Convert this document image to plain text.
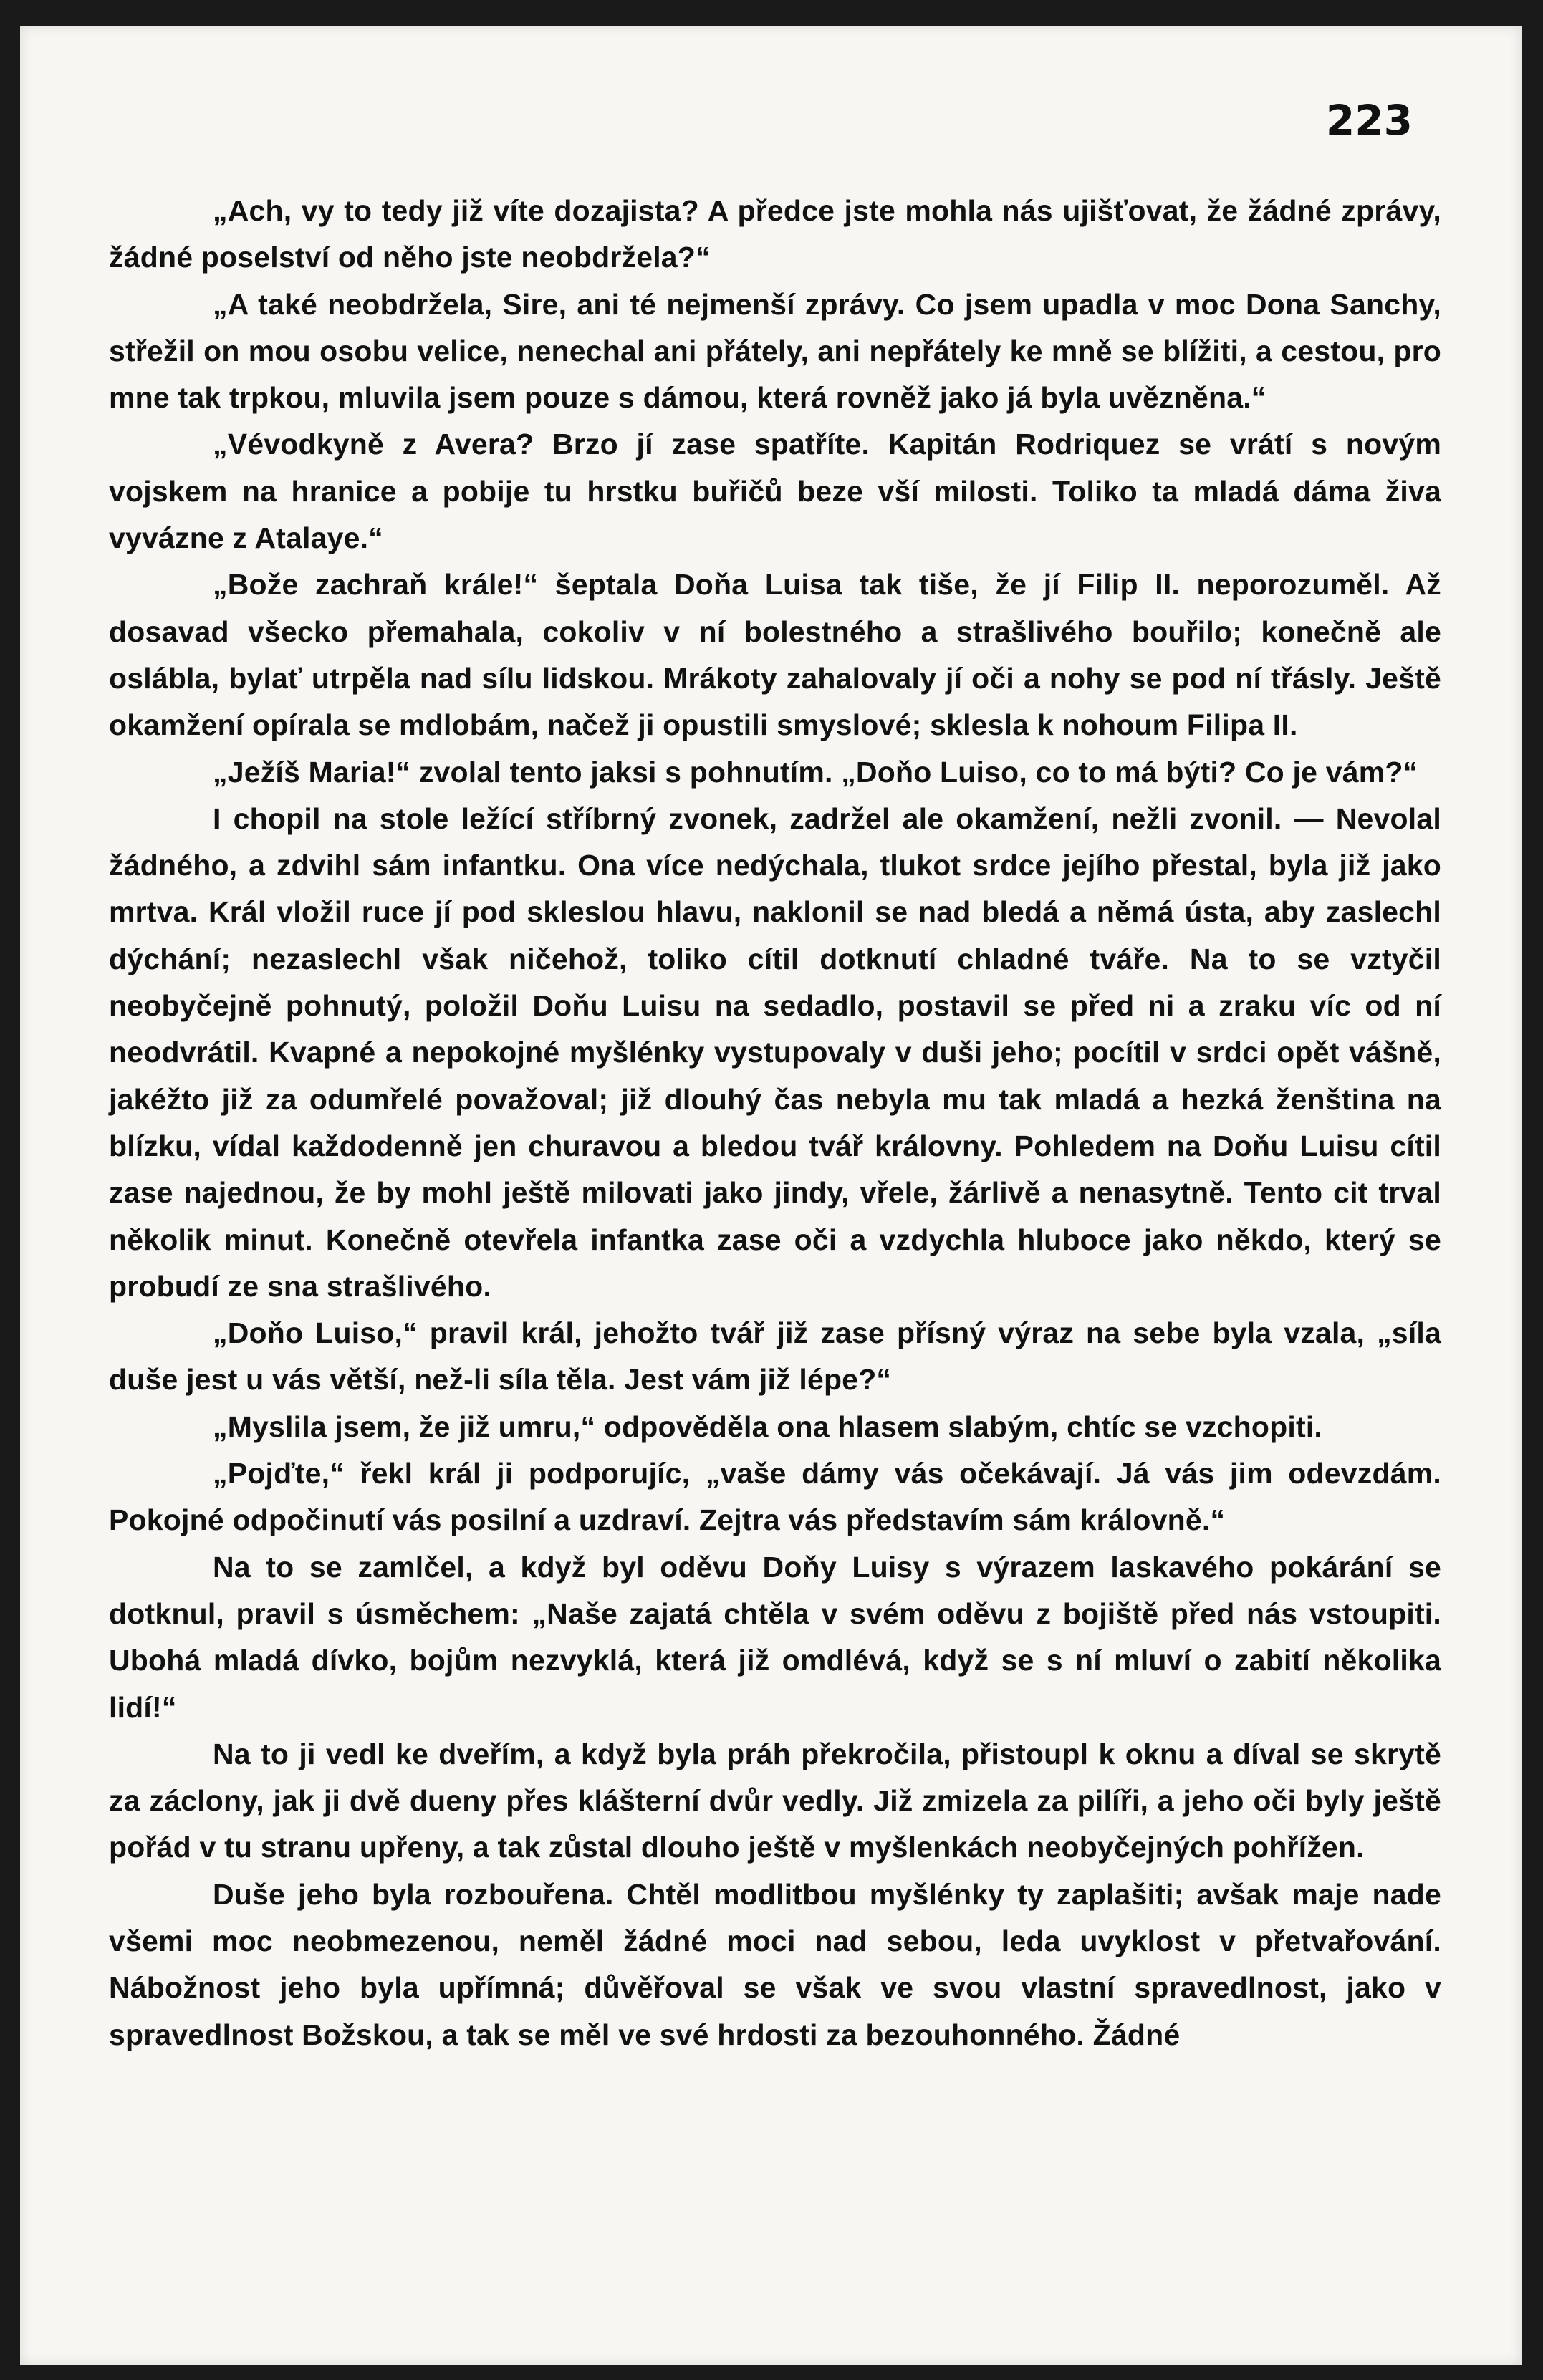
223

„Ach, vy to tedy již víte dozajista? A předce jste mohla nás ujišťovat, že žádné zprávy, žádné poselství od něho jste neobdržela?“

„A také neobdržela, Sire, ani té nejmenší zprávy. Co jsem upadla v moc Dona Sanchy, střežil on mou osobu velice, nenechal ani přátely, ani nepřátely ke mně se blížiti, a cestou, pro mne tak trpkou, mluvila jsem pouze s dámou, která rovněž jako já byla uvězněna.“

„Vévodkyně z Avera? Brzo jí zase spatříte. Kapitán Rodriquez se vrátí s novým vojskem na hranice a pobije tu hrstku buřičů beze vší milosti. Toliko ta mladá dáma živa vyvázne z Atalaye.“

„Bože zachraň krále!“ šeptala Doňa Luisa tak tiše, že jí Filip II. neporozuměl. Až dosavad všecko přemahala, cokoliv v ní bolestného a strašlivého bouřilo; konečně ale oslábla, bylať utrpěla nad sílu lidskou. Mrákoty zahalovaly jí oči a nohy se pod ní třásly. Ještě okamžení opírala se mdlobám, načež ji opustili smyslové; sklesla k nohoum Filipa II.

„Ježíš Maria!“ zvolal tento jaksi s pohnutím. „Doňo Luiso, co to má býti? Co je vám?“

I chopil na stole ležící stříbrný zvonek, zadržel ale okamžení, nežli zvonil. — Nevolal žádného, a zdvihl sám infantku. Ona více nedýchala, tlukot srdce jejího přestal, byla již jako mrtva. Král vložil ruce jí pod skleslou hlavu, naklonil se nad bledá a němá ústa, aby zaslechl dýchání; nezaslechl však ničehož, toliko cítil dotknutí chladné tváře. Na to se vztyčil neobyčejně pohnutý, položil Doňu Luisu na sedadlo, postavil se před ni a zraku víc od ní neodvrátil. Kvapné a nepokojné myšlénky vystupovaly v duši jeho; pocítil v srdci opět vášně, jakéžto již za odumřelé považoval; již dlouhý čas nebyla mu tak mladá a hezká ženština na blízku, vídal každodenně jen churavou a bledou tvář královny. Pohledem na Doňu Luisu cítil zase najednou, že by mohl ještě milovati jako jindy, vřele, žárlivě a nenasytně. Tento cit trval několik minut. Konečně otevřela infantka zase oči a vzdychla hluboce jako někdo, který se probudí ze sna strašlivého.

„Doňo Luiso,“ pravil král, jehožto tvář již zase přísný výraz na sebe byla vzala, „síla duše jest u vás větší, než-li síla těla. Jest vám již lépe?“

„Myslila jsem, že již umru,“ odpověděla ona hlasem slabým, chtíc se vzchopiti.

„Pojďte,“ řekl král ji podporujíc, „vaše dámy vás očekávají. Já vás jim odevzdám. Pokojné odpočinutí vás posilní a uzdraví. Zejtra vás představím sám královně.“

Na to se zamlčel, a když byl oděvu Doňy Luisy s výrazem laskavého pokárání se dotknul, pravil s úsměchem: „Naše zajatá chtěla v svém oděvu z bojiště před nás vstoupiti. Ubohá mladá dívko, bojům nezvyklá, která již omdlévá, když se s ní mluví o zabití několika lidí!“

Na to ji vedl ke dveřím, a když byla práh překročila, přistoupl k oknu a díval se skrytě za záclony, jak ji dvě dueny přes klášterní dvůr vedly. Již zmizela za pilíři, a jeho oči byly ještě pořád v tu stranu upřeny, a tak zůstal dlouho ještě v myšlenkách neobyčejných pohřížen.

Duše jeho byla rozbouřena. Chtěl modlitbou myšlénky ty zaplašiti; avšak maje nade všemi moc neobmezenou, neměl žádné moci nad sebou, leda uvyklost v přetvařování. Nábožnost jeho byla upřímná; důvěřoval se však ve svou vlastní spravedlnost, jako v spravedlnost Božskou, a tak se měl ve své hrdosti za bezouhonného. Žádné
